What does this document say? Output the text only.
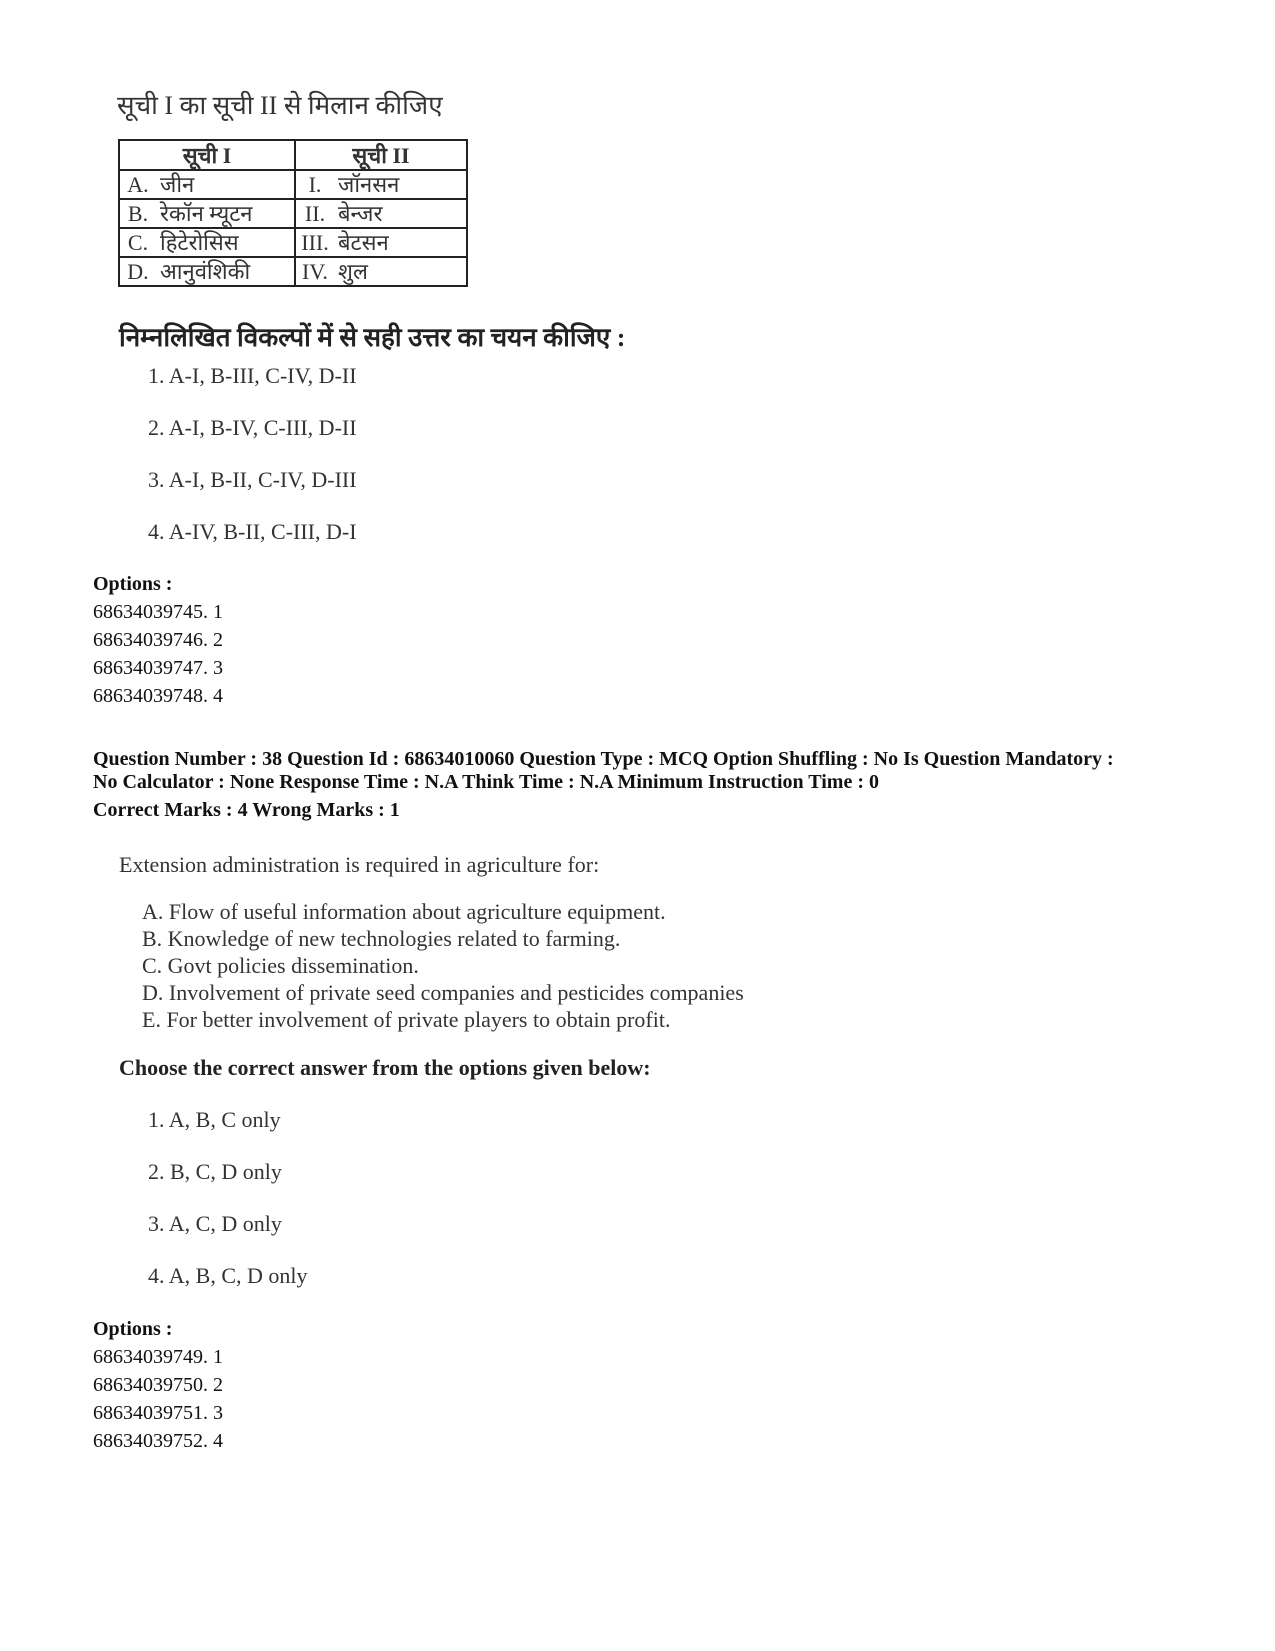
सूची I का सूची II से मिलान कीजिए
सूची I		सूची II	
A.	जीन	I.	जॉनसन
B.	रेकॉन म्यूटन	II.	बेन्जर
C.	हिटेरोसिस	III.	बेटसन
D.	आनुवंशिकी	IV.	शुल
निम्नलिखित विकल्पों में से सही उत्तर का चयन कीजिए :
1. A-I, B-III, C-IV, D-II
2. A-I, B-IV, C-III, D-II
3. A-I, B-II, C-IV, D-III
4. A-IV, B-II, C-III, D-I
Options :
68634039745. 1
68634039746. 2
68634039747. 3
68634039748. 4
Question Number : 38 Question Id : 68634010060 Question Type : MCQ Option Shuffling : No Is Question Mandatory :
No Calculator : None Response Time : N.A Think Time : N.A Minimum Instruction Time : 0
Correct Marks : 4 Wrong Marks : 1
Extension administration is required in agriculture for:
A. Flow of useful information about agriculture equipment.
B. Knowledge of new technologies related to farming.
C. Govt policies dissemination.
D. Involvement of private seed companies and pesticides companies
E. For better involvement of private players to obtain profit.
Choose the correct answer from the options given below:
1. A, B, C only
2. B, C, D only
3. A, C, D only
4. A, B, C, D only
Options :
68634039749. 1
68634039750. 2
68634039751. 3
68634039752. 4
